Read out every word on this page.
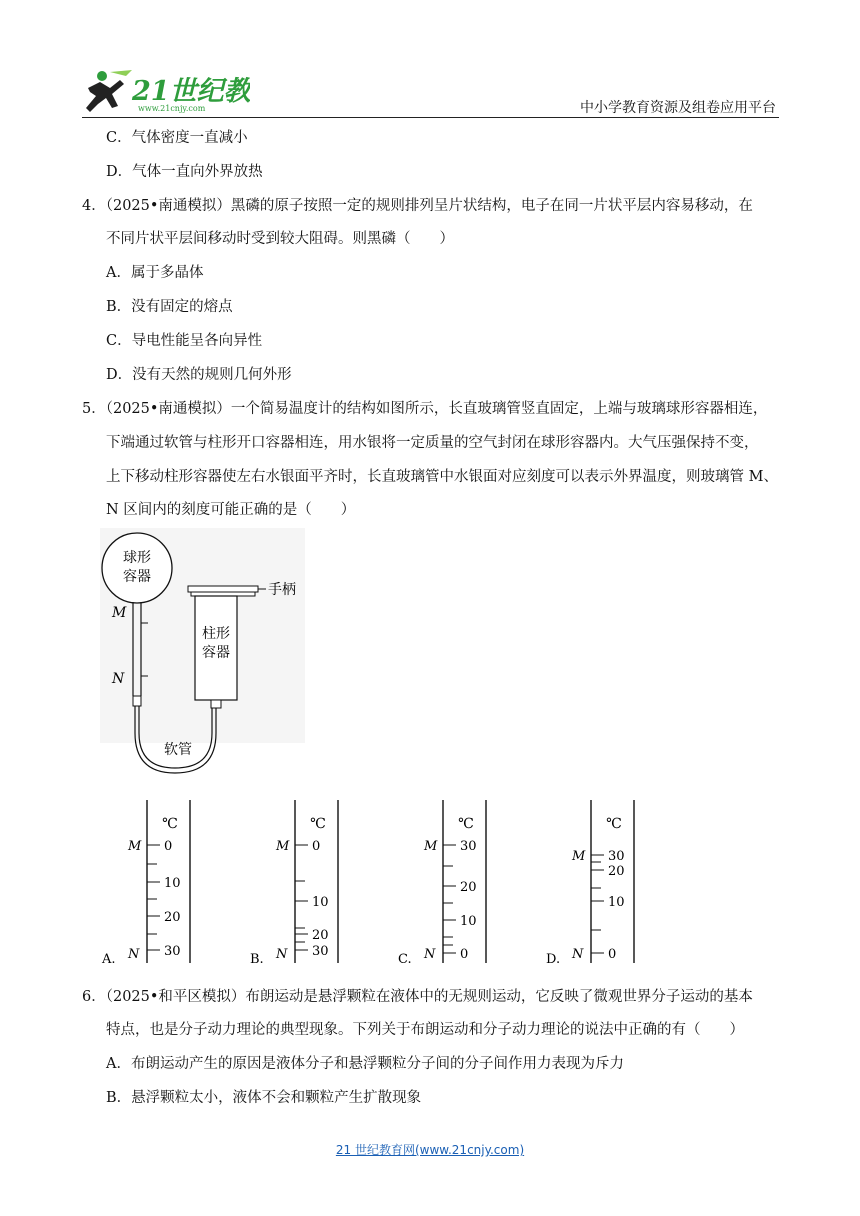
21世纪教
www.21cnjy.com	中小学教育资源及组卷应用平台
C．气体密度一直减小
D．气体一直向外界放热
4．（2025•南通模拟）黑磷的原子按照一定的规则排列呈片状结构，电子在同一片状平层内容易移动，在
不同片状平层间移动时受到较大阻碍。则黑磷（　　）
A．属于多晶体
B．没有固定的熔点
C．导电性能呈各向异性
D．没有天然的规则几何外形
5．（2025•南通模拟）一个简易温度计的结构如图所示，长直玻璃管竖直固定，上端与玻璃球形容器相连，
下端通过软管与柱形开口容器相连，用水银将一定质量的空气封闭在球形容器内。大气压强保持不变，
上下移动柱形容器使左右水银面平齐时，长直玻璃管中水银面对应刻度可以表示外界温度，则玻璃管 M、
N 区间内的刻度可能正确的是（　　）
球形
容器
M
N
手柄
柱形
容器
软管
℃
M
N
0
10
20
30
A.
℃
M
N
0
10
20
30
B.
℃
M
N
30
20
10
0
C.
℃
M
N
30
20
10
0
D.
6．（2025•和平区模拟）布朗运动是悬浮颗粒在液体中的无规则运动，它反映了微观世界分子运动的基本
特点，也是分子动力理论的典型现象。下列关于布朗运动和分子动力理论的说法中正确的有（　　）
A．布朗运动产生的原因是液体分子和悬浮颗粒分子间的分子间作用力表现为斥力
B．悬浮颗粒太小，液体不会和颗粒产生扩散现象
21 世纪教育网(www.21cnjy.com)
